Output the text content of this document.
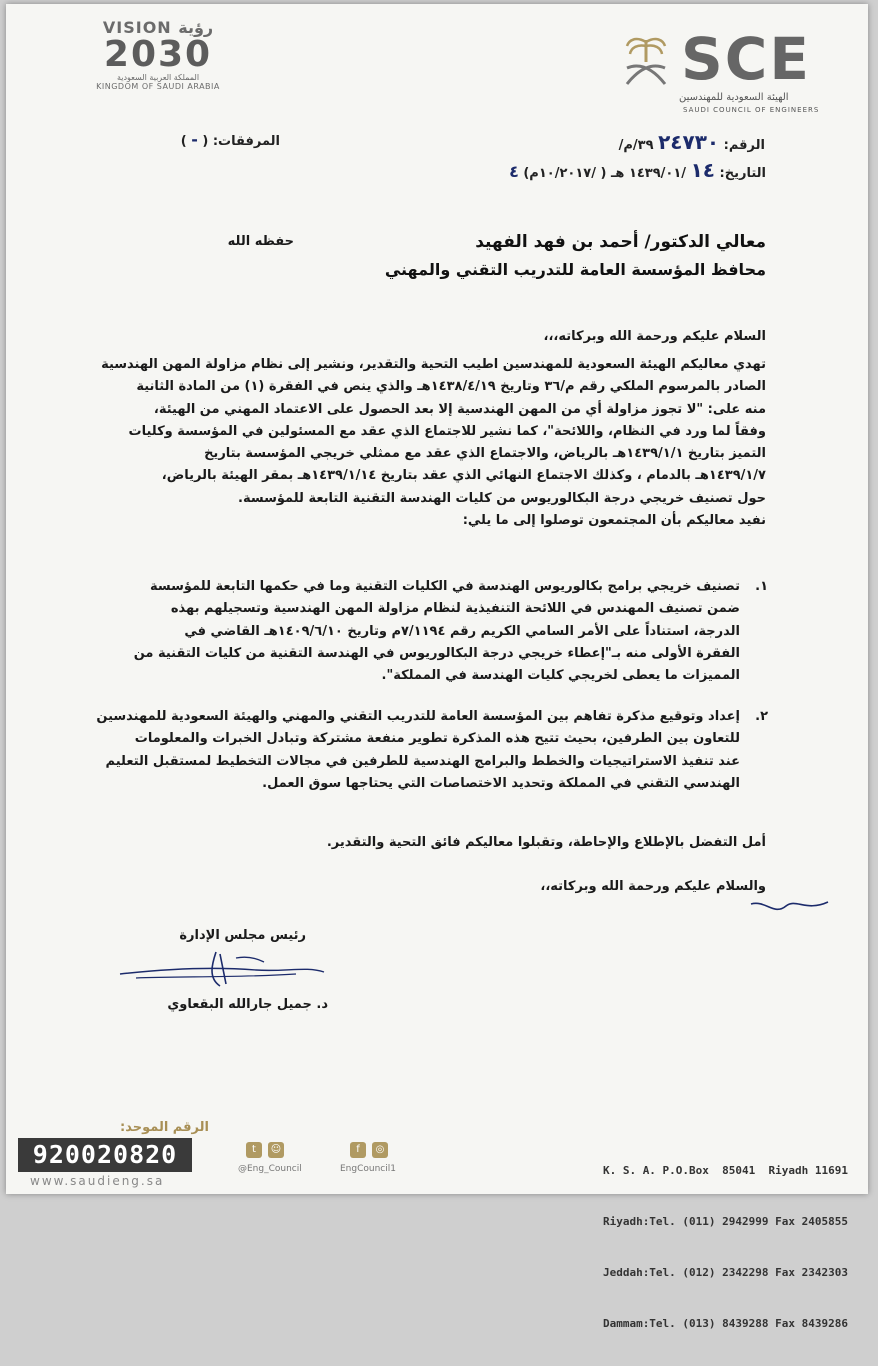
VISION رؤية
2030
المملكة العربية السعودية
KINGDOM OF SAUDI ARABIA	SCE
الهيئة السعودية للمهندسين
SAUDI COUNCIL OF ENGINEERS
الرقم: ٢٤٧٣٠ ٣٩/م/
التاريخ: ١٤ /١٤٣٩/٠١ هـ ( /١٠/٢٠١٧م) ٤
المرفقات: ( - )
معالي الدكتور/ أحمد بن فهد الفهيد
محافظ المؤسسة العامة للتدريب التقني والمهني
حفظه الله
السلام عليكم ورحمة الله وبركاته،،،
تهدي معاليكم الهيئة السعودية للمهندسين اطيب التحية والتقدير، ونشير إلى نظام مزاولة المهن الهندسية
الصادر بالمرسوم الملكي رقم م/٣٦ وتاريخ ١٤٣٨/٤/١٩هـ والذي ينص في الفقرة (١) من المادة الثانية
منه على: "لا تجوز مزاولة أي من المهن الهندسية إلا بعد الحصول على الاعتماد المهني من الهيئة،
وفقاً لما ورد في النظام، واللائحة"، كما نشير للاجتماع الذي عقد مع المسئولين في المؤسسة وكليات
التميز بتاريخ ١٤٣٩/١/١هـ بالرياض، والاجتماع الذي عقد مع ممثلي خريجي المؤسسة بتاريخ
١٤٣٩/١/٧هـ بالدمام ، وكذلك الاجتماع النهائي الذي عقد بتاريخ ١٤٣٩/١/١٤هـ بمقر الهيئة بالرياض،
حول تصنيف خريجي درجة البكالوريوس من كليات الهندسة التقنية التابعة للمؤسسة.
نفيد معاليكم بأن المجتمعون توصلوا إلى ما يلي:
١.
تصنيف خريجي برامج بكالوريوس الهندسة في الكليات التقنية وما في حكمها التابعة للمؤسسة
ضمن تصنيف المهندس في اللائحة التنفيذية لنظام مزاولة المهن الهندسية وتسجيلهم بهذه
الدرجة، استناداً على الأمر السامي الكريم رقم ٧/١١٩٤م وتاريخ ١٤٠٩/٦/١٠هـ القاضي في
الفقرة الأولى منه بـ"إعطاء خريجي درجة البكالوريوس في الهندسة التقنية من كليات التقنية من
المميزات ما يعطى لخريجي كليات الهندسة في المملكة".
٢.
إعداد وتوقيع مذكرة تفاهم بين المؤسسة العامة للتدريب التقني والمهني والهيئة السعودية للمهندسين
للتعاون بين الطرفين، بحيث تتيح هذه المذكرة تطوير منفعة مشتركة وتبادل الخبرات والمعلومات
عند تنفيذ الاستراتيجيات والخطط والبرامج الهندسية للطرفين في مجالات التخطيط لمستقبل التعليم
الهندسي التقني في المملكة وتحديد الاختصاصات التي يحتاجها سوق العمل.
أمل التفضل بالإطلاع والإحاطة، وتقبلوا معاليكم فائق التحية والتقدير.
والسلام عليكم ورحمة الله وبركاته،،
رئيس مجلس الإدارة
د. جميل جارالله البقعاوي
الرقم الموحد:
920020820
www.saudieng.sa
t	☺
@Eng_Council
f	◎
EngCouncil1

	K. S. A. P.O.Box  85041  Riyadh 11691

Riyadh:Tel. (011) 2942999 Fax 2405855

Jeddah:Tel. (012) 2342298 Fax 2342303

Dammam:Tel. (013) 8439288 Fax 8439286
